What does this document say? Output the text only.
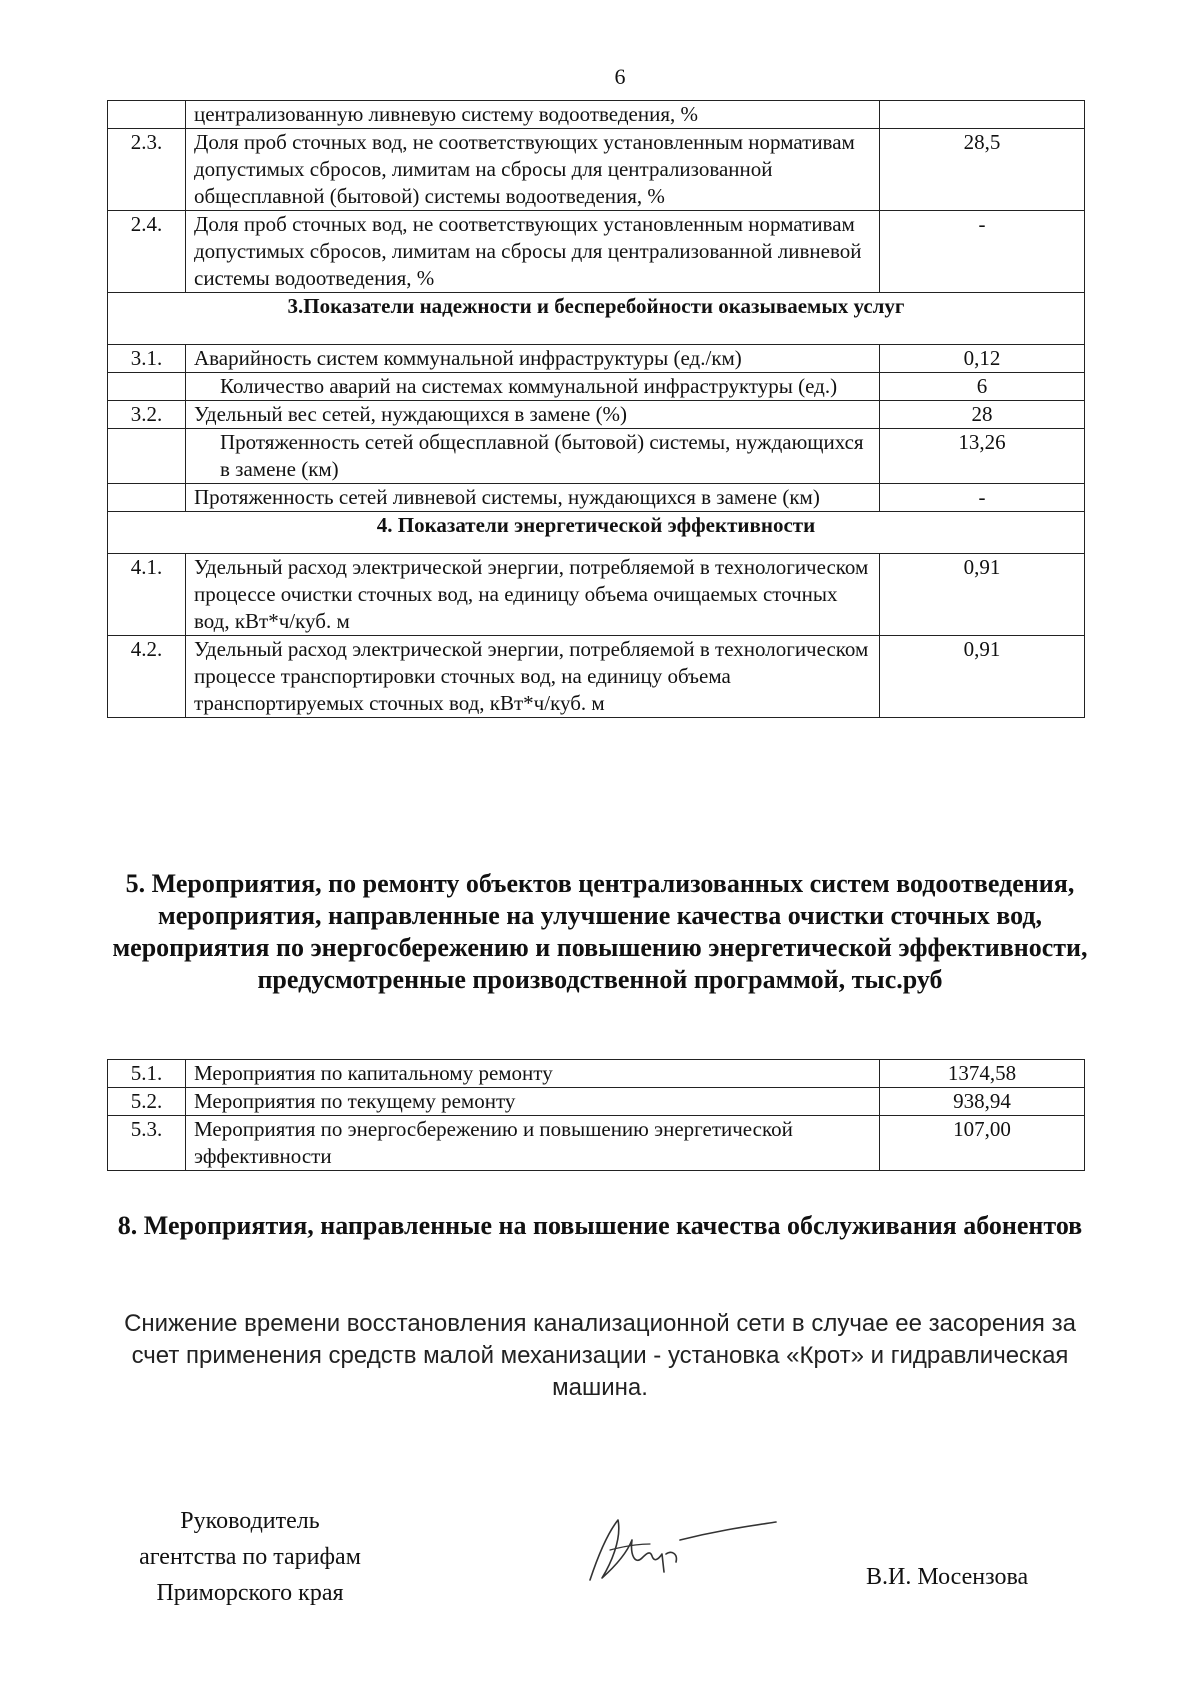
6
	централизованную ливневую систему водоотведения, %	
2.3.	Доля проб сточных вод, не соответствующих установленным нормативам допустимых сбросов, лимитам на сбросы для централизованной общесплавной (бытовой) системы водоотведения, %	28,5
2.4.	Доля проб сточных вод, не соответствующих установленным нормативам допустимых сбросов, лимитам на сбросы для централизованной ливневой системы водоотведения, %	-
3.Показатели надежности и бесперебойности оказываемых услуг		
3.1.	Аварийность систем коммунальной инфраструктуры (ед./км)	0,12
	Количество аварий на системах коммунальной инфраструктуры (ед.)	6
3.2.	Удельный вес сетей, нуждающихся в замене (%)	28
	Протяженность сетей общесплавной (бытовой) системы, нуждающихся в замене (км)	13,26
	Протяженность сетей ливневой системы, нуждающихся в замене (км)	-
4. Показатели энергетической эффективности		
4.1.	Удельный расход электрической энергии, потребляемой в технологическом процессе очистки сточных вод, на единицу объема очищаемых сточных вод, кВт*ч/куб. м	0,91
4.2.	Удельный расход электрической энергии, потребляемой в технологическом процессе транспортировки сточных вод, на единицу объема транспортируемых сточных вод, кВт*ч/куб. м	0,91
5. Мероприятия, по ремонту объектов централизованных систем водоотведения, мероприятия, направленные на улучшение качества очистки сточных вод, мероприятия по энергосбережению и повышению энергетической эффективности, предусмотренные производственной программой, тыс.руб
5.1.	Мероприятия по капитальному ремонту	1374,58
5.2.	Мероприятия по текущему ремонту	938,94
5.3.	Мероприятия по энергосбережению и повышению энергетической эффективности	107,00
8. Мероприятия, направленные на повышение качества обслуживания абонентов
Снижение времени восстановления канализационной сети в случае ее засорения за счет применения средств малой механизации - установка «Крот» и гидравлическая машина.
Руководитель
агентства по тарифам
Приморского края
В.И. Мосензова
